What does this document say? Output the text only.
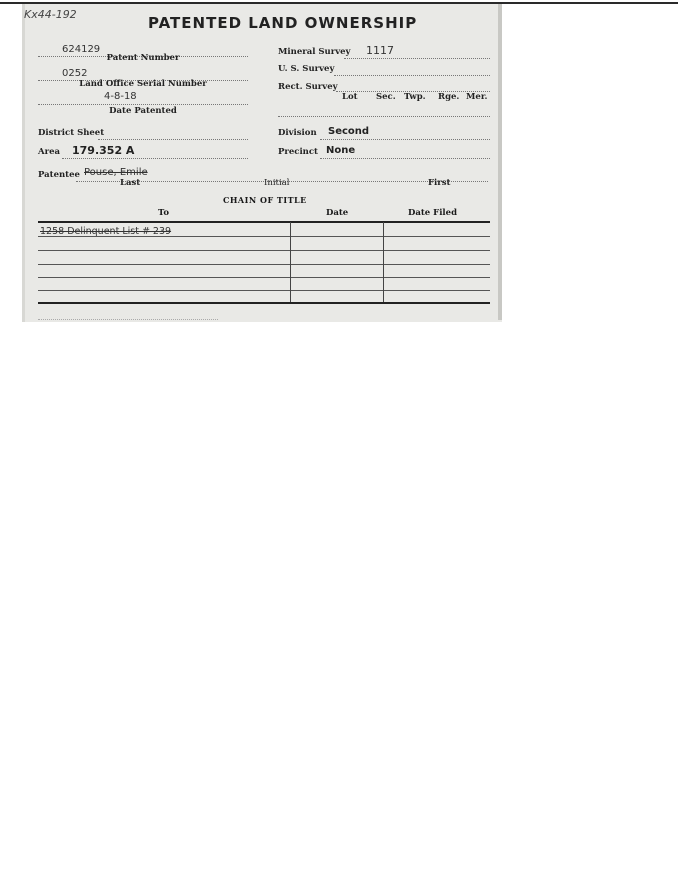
Kx44-192	PATENTED LAND OWNERSHIP
624129
Patent Number
0252
Land Office Serial Number
4-8-18
Date Patented
District Sheet
Area 179.352 A
Patentee Pouse, Emile
Last	Initial	First
Mineral Survey 1117
U. S. Survey
Rect. Survey
Lot Sec. Twp. Rge. Mer.
Division Second
Precinct None
CHAIN OF TITLE
To	Date	Date Filed
1258 Delinquent List # 239
